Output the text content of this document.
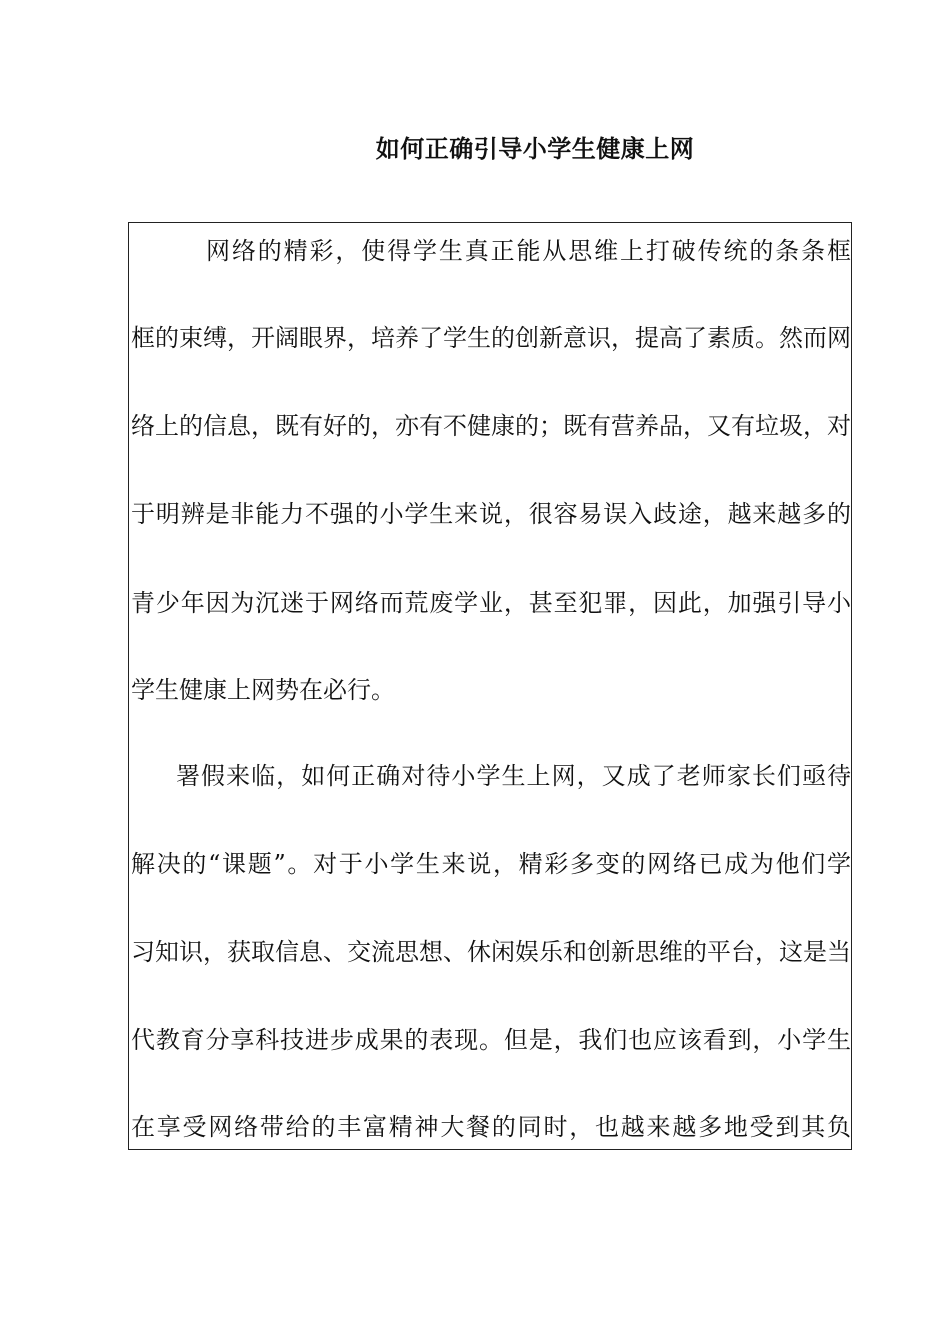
如何正确引导小学生健康上网
网络的精彩，使得学生真正能从思维上打破传统的条条框
框的束缚，开阔眼界，培养了学生的创新意识，提高了素质。然而网
络上的信息，既有好的，亦有不健康的；既有营养品，又有垃圾，对
于明辨是非能力不强的小学生来说，很容易误入歧途，越来越多的
青少年因为沉迷于网络而荒废学业，甚至犯罪，因此，加强引导小
学生健康上网势在必行。
署假来临，如何正确对待小学生上网，又成了老师家长们亟待
解决的“课题”。对于小学生来说，精彩多变的网络已成为他们学
习知识，获取信息、交流思想、休闲娱乐和创新思维的平台，这是当
代教育分享科技进步成果的表现。但是，我们也应该看到，小学生
在享受网络带给的丰富精神大餐的同时，也越来越多地受到其负
